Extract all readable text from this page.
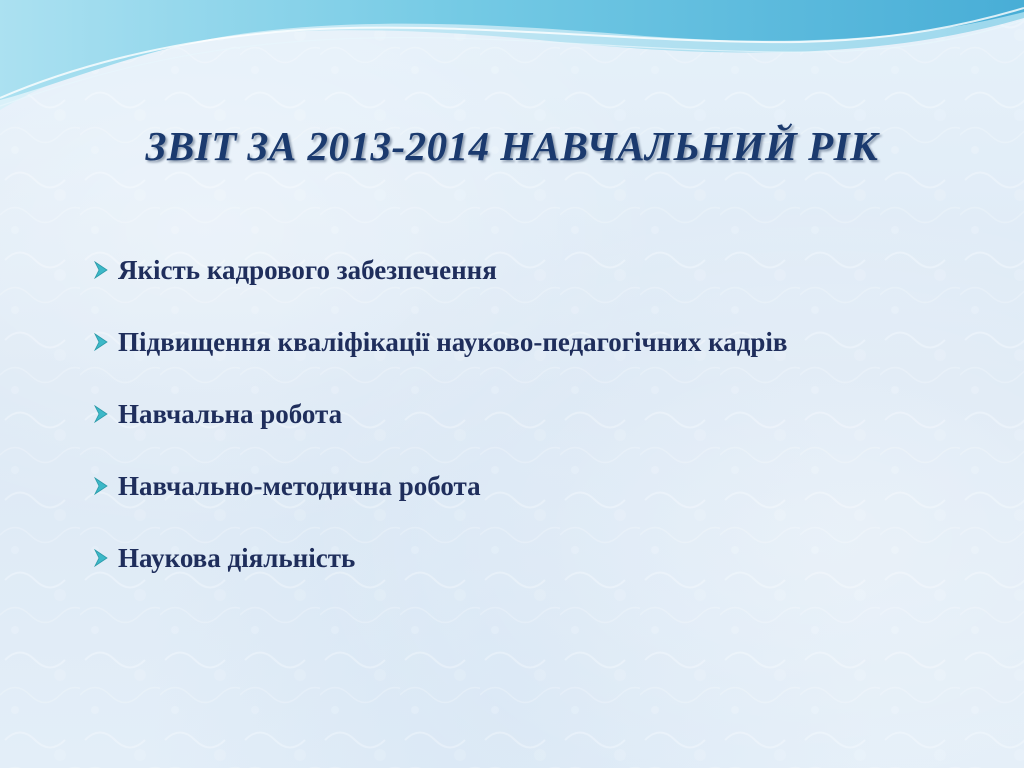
ЗВІТ ЗА 2013-2014 НАВЧАЛЬНИЙ РІК
Якість кадрового забезпечення
Підвищення кваліфікації науково-педагогічних кадрів
Навчальна робота
Навчально-методична робота
Наукова діяльність
